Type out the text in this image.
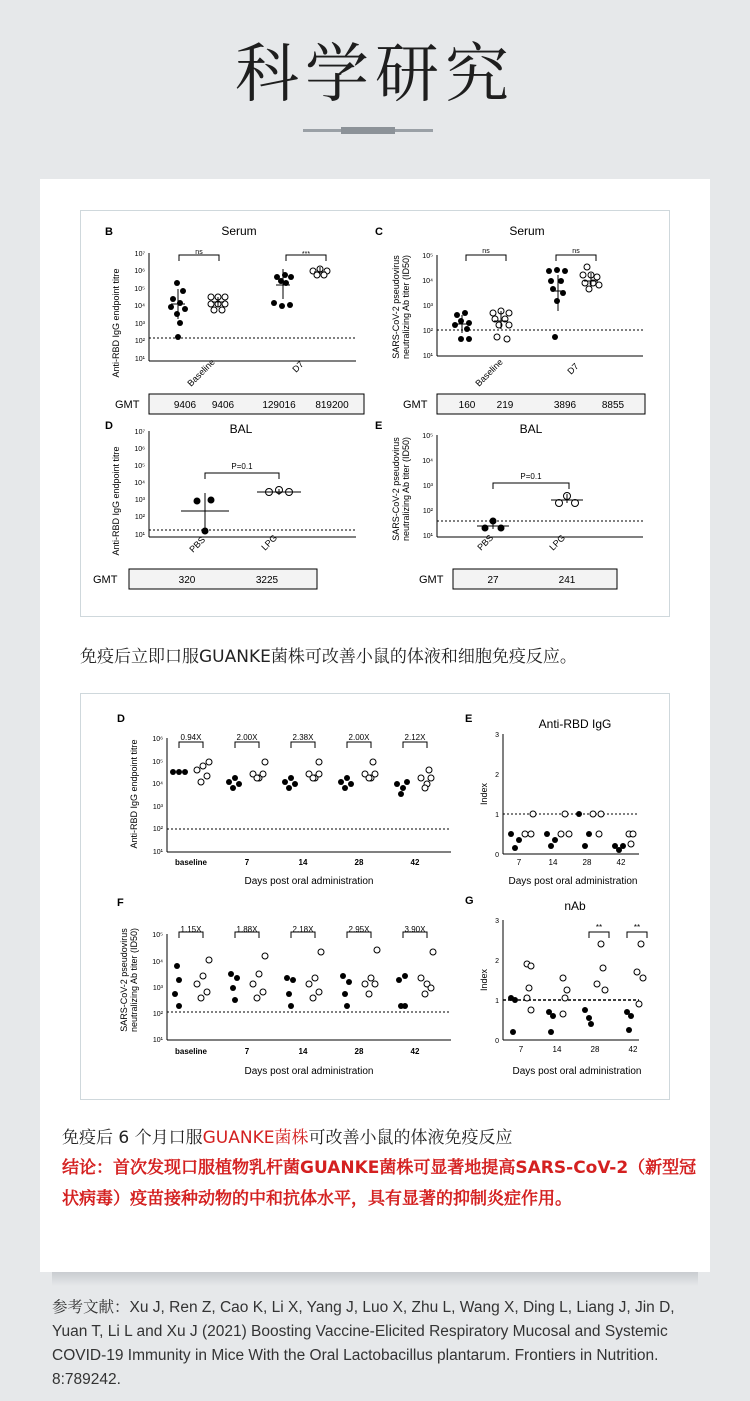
科学研究
B	Serum
Anti-RBD IgG endpoint titre
10⁷
10⁶
10⁵
10⁴
10³
10²
10¹
ns	***
Baseline	D7
GMT	9406 9406	129016 819200
C	Serum
SARS-CoV-2 pseudovirus neutralizing Ab titer (ID50) 10⁵
10⁴
10³
10²
10¹
ns	ns
Baseline	D7
GMT	160 219	3896	8855
D	BAL
Anti-RBD IgG endpoint titre
10⁷
10⁶
10⁵
10⁴
10³
10²
10¹
P=0.1
PBS	LPG
GMT	320	3225
E	BAL
SARS-CoV-2 pseudovirus neutralizing Ab titer (ID50)
10⁵
10⁴
10³
10²
10¹
P=0.1
PBS	LPG
GMT	27	241
免疫后立即口服GUANKE菌株可改善小鼠的体液和细胞免疫反应。
D
Anti-RBD IgG endpoint titre 10⁶
10⁵
10⁴
10³
10²
10¹
baseline	7	14	28	42
0.94X	2.00X	2.38X	2.00X	2.12X
Days post oral administration
E	Anti-RBD IgG
Index
3
2
1
0
7	14	28	42
Days post oral administration
F
SARS-CoV-2 pseudovirus neutralizing Ab titer (ID50) 10⁵
10⁴
10³
10²
10¹
baseline	7	14	28	42
1.15X	1.88X	2.18X	2.95X	3.90X
Days post oral administration
G	nAb
Index
3
2
1
0
**	**
7	14	28	42
Days post oral administration
免疫后 6 个月口服GUANKE菌株可改善小鼠的体液免疫反应
结论：首次发现口服植物乳杆菌GUANKE菌株可显著地提高SARS-CoV-2（新型冠状病毒）疫苗接种动物的中和抗体水平，具有显著的抑制炎症作用。
参考文献：Xu J, Ren Z, Cao K, Li X, Yang J, Luo X, Zhu L, Wang X, Ding L, Liang J, Jin D, Yuan T, Li L and Xu J (2021) Boosting Vaccine-Elicited Respiratory Mucosal and Systemic COVID-19 Immunity in Mice With the Oral Lactobacillus plantarum. Frontiers in Nutrition. 8:789242.
